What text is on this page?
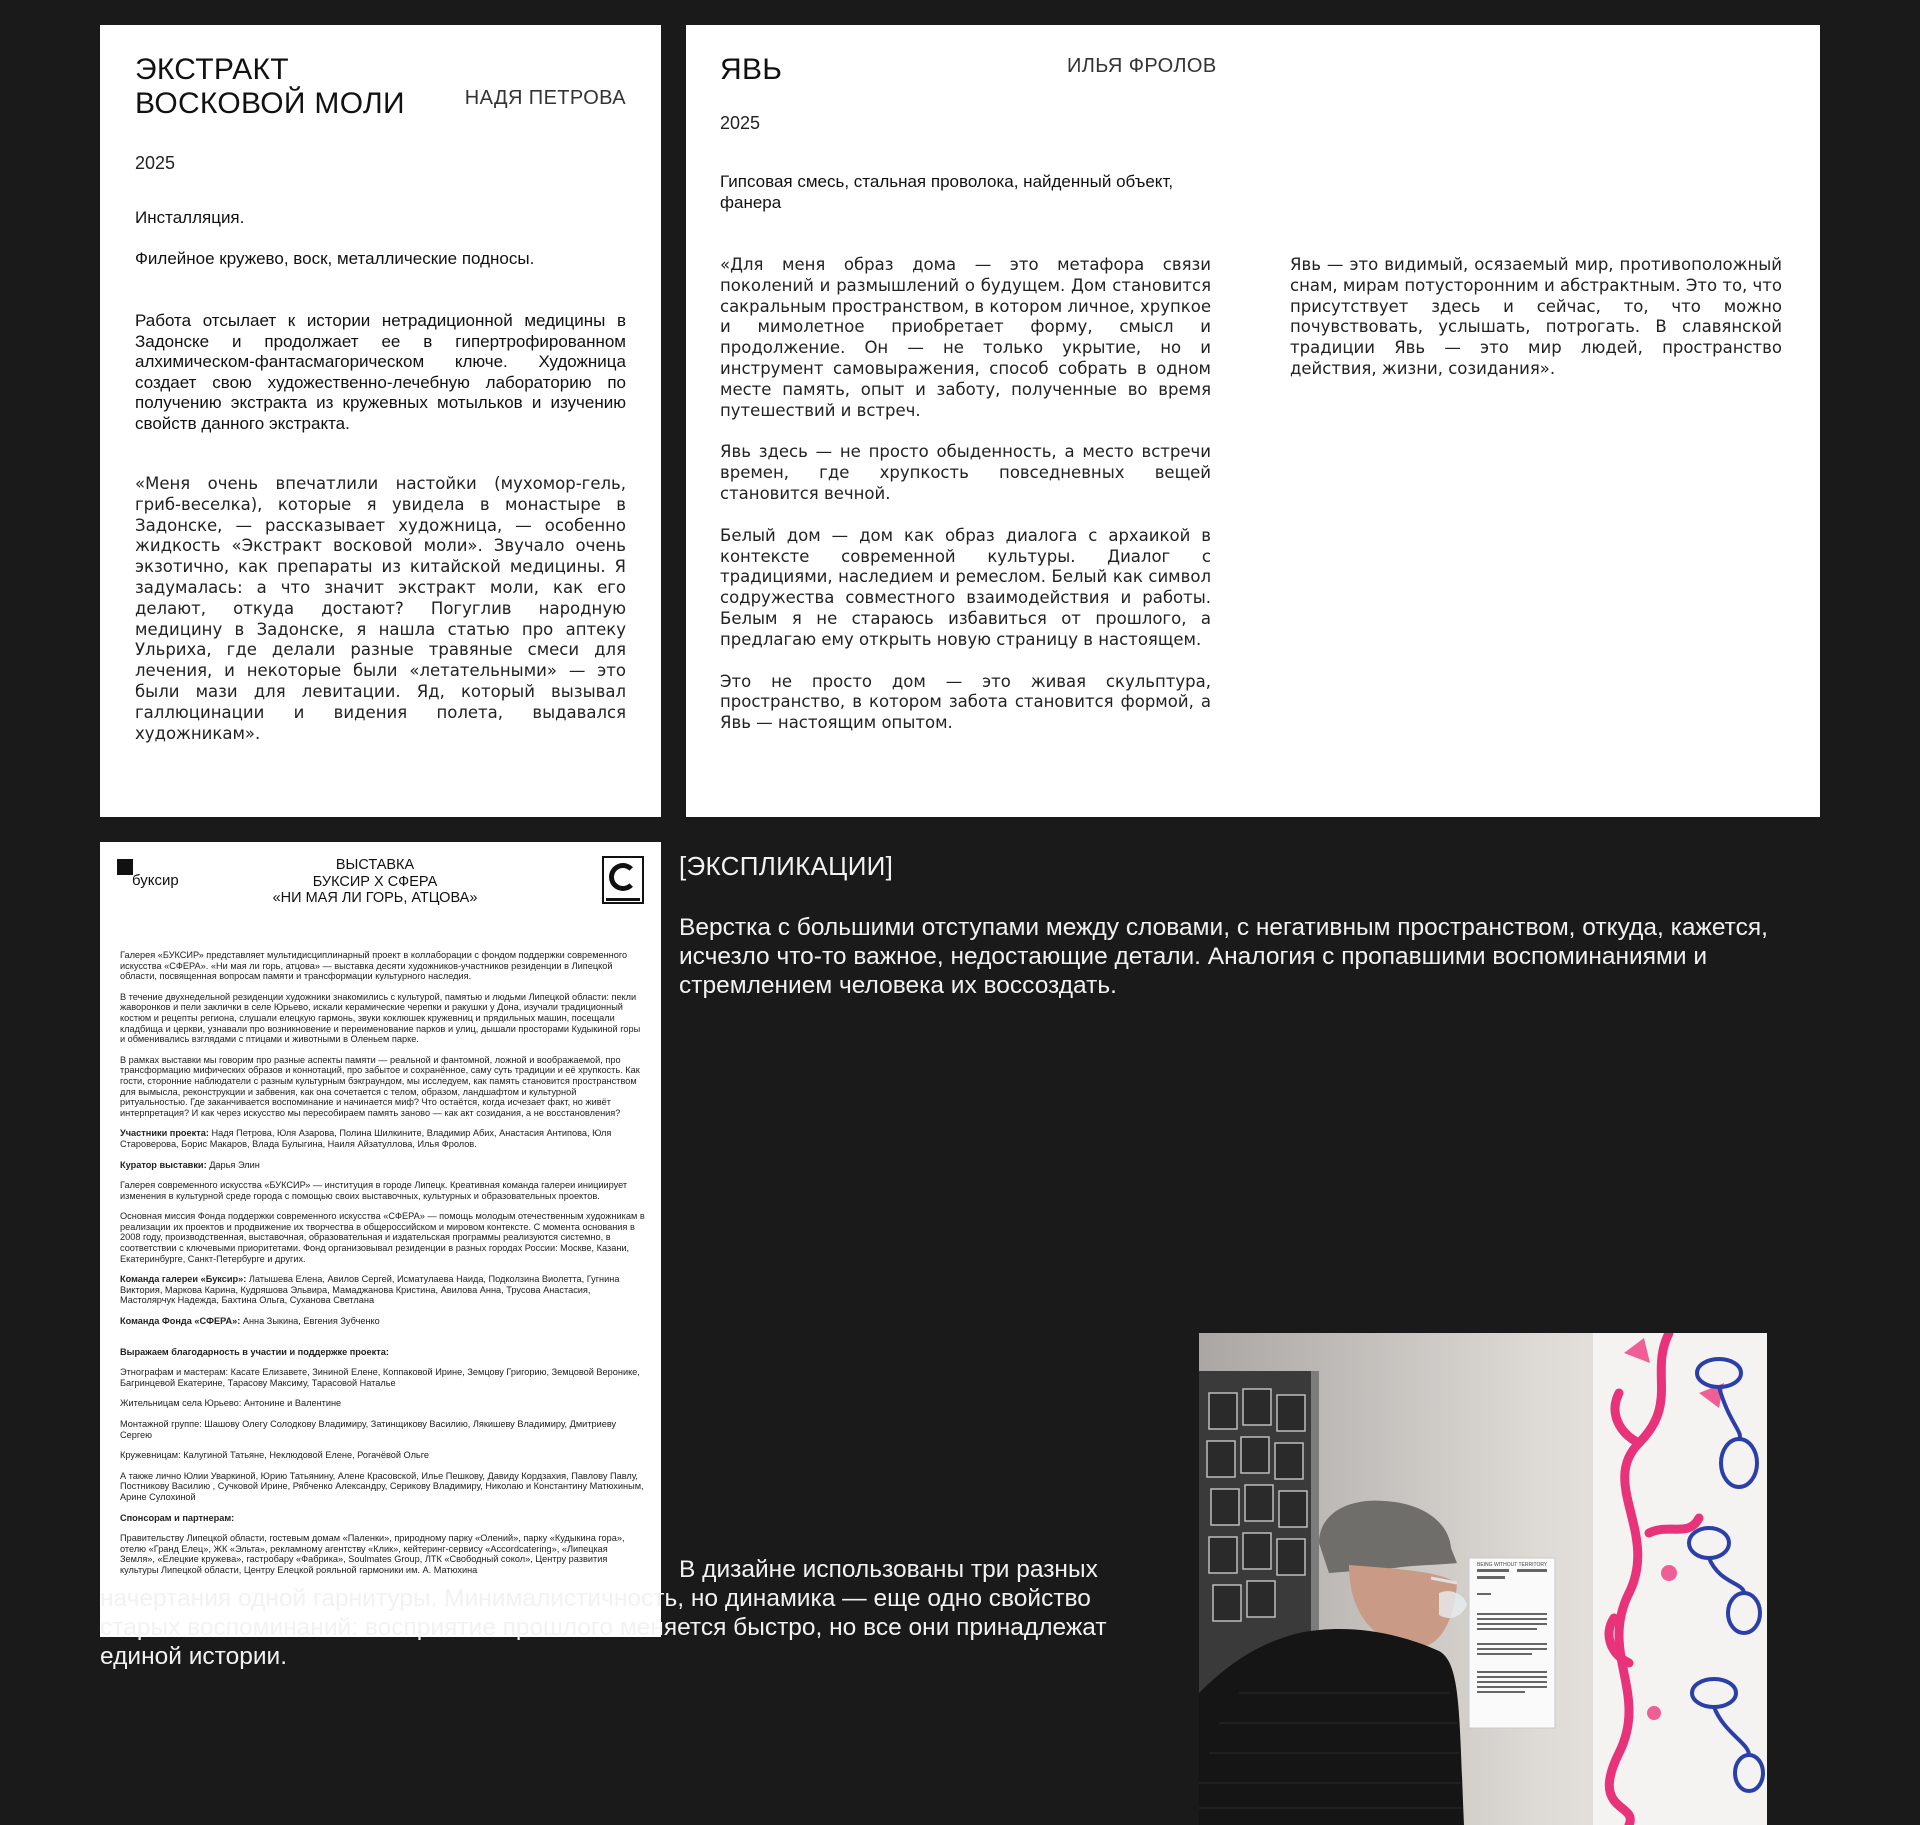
ЭКСТРАКТ
ВОСКОВОЙ МОЛИ	НАДЯ ПЕТРОВА

2025

Инсталляция.

Филейное кружево, воск, металлические подносы.

Работа отсылает к истории нетрадиционной медицины в Задонске и продолжает ее в гипертрофированном алхимическом-фантасмагорическом ключе. Художница создает свою художественно-лечебную лабораторию по получению экстракта из кружевных мотыльков и изучению свойств данного экстракта.

«Меня очень впечатлили настойки (мухомор-гель, гриб-веселка), которые я увидела в монастыре в Задонске, — рассказывает художница, — особенно жидкость «Экстракт восковой моли». Звучало очень экзотично, как препараты из китайской медицины. Я задумалась: а что значит экстракт моли, как его делают, откуда достают? Погуглив народную медицину в Задонске, я нашла статью про аптеку Ульриха, где делали разные травяные смеси для лечения, и некоторые были «летательными» — это были мази для левитации. Яд, который вызывал галлюцинации и видения полета, выдавался художникам».

ЯВЬ	ИЛЬЯ ФРОЛОВ

2025

Гипсовая смесь, стальная проволока, найденный объект, фанера

«Для меня образ дома — это метафора связи поколений и размышлений о будущем. Дом становится сакральным пространством, в котором личное, хрупкое и мимолетное приобретает форму, смысл и продолжение. Он — не только укрытие, но и инструмент самовыражения, способ собрать в одном месте память, опыт и заботу, полученные во время путешествий и встреч.

Явь здесь — не просто обыденность, а место встречи времен, где хрупкость повседневных вещей становится вечной.

Белый дом — дом как образ диалога с архаикой в контексте современной культуры. Диалог с традициями, наследием и ремеслом. Белый как символ содружества совместного взаимодействия и работы. Белым я не стараюсь избавиться от прошлого, а предлагаю ему открыть новую страницу в настоящем.

Это не просто дом — это живая скульптура, пространство, в котором забота становится формой, а Явь — настоящим опытом.

Явь — это видимый, осязаемый мир, противоположный снам, мирам потусторонним и абстрактным. Это то, что присутствует здесь и сейчас, то, что можно почувствовать, услышать, потрогать. В славянской традиции Явь — это мир людей, пространство действия, жизни, созидания».

буксир
ВЫСТАВКА
БУКСИР Х СФЕРА
«НИ МАЯ ЛИ ГОРЬ, АТЦОВА»

Галерея «БУКСИР» представляет мультидисциплинарный проект в коллаборации с фондом поддержки современного искусства «СФЕРА». «Ни мая ли горь, атцова» — выставка десяти художников-участников резиденции в Липецкой области, посвященная вопросам памяти и трансформации культурного наследия.

В течение двухнедельной резиденции художники знакомились с культурой, памятью и людьми Липецкой области: пекли жаворонков и пели заклички в селе Юрьево, искали керамические черепки и ракушки у Дона, изучали традиционный костюм и рецепты региона, слушали елецкую гармонь, звуки коклюшек кружевниц и прядильных машин, посещали кладбища и церкви, узнавали про возникновение и переименование парков и улиц, дышали просторами Кудыкиной горы и обменивались взглядами с птицами и животными в Оленьем парке.

В рамках выставки мы говорим про разные аспекты памяти — реальной и фантомной, ложной и воображаемой, про трансформацию мифических образов и коннотаций, про забытое и сохранённое, саму суть традиции и её хрупкость. Как гости, сторонние наблюдатели с разным культурным бэкграундом, мы исследуем, как память становится пространством для вымысла, реконструкции и забвения, как она сочетается с телом, образом, ландшафтом и культурной ритуальностью. Где заканчивается воспоминание и начинается миф? Что остаётся, когда исчезает факт, но живёт интерпретация? И как через искусство мы пересобираем память заново — как акт созидания, а не восстановления?

Участники проекта: Надя Петрова, Юля Азарова, Полина Шилкините, Владимир Абих, Анастасия Антипова, Юля Староверова, Борис Макаров, Влада Булыгина, Наиля Айзатуллова, Илья Фролов.

Куратор выставки: Дарья Элин

Галерея современного искусства «БУКСИР» — институция в городе Липецк. Креативная команда галереи инициирует изменения в культурной среде города с помощью своих выставочных, культурных и образовательных проектов.

Основная миссия Фонда поддержки современного искусства «СФЕРА» — помощь молодым отечественным художникам в реализации их проектов и продвижение их творчества в общероссийском и мировом контексте. С момента основания в 2008 году, производственная, выставочная, образовательная и издательская программы реализуются системно, в соответствии с ключевыми приоритетами. Фонд организовывал резиденции в разных городах России: Москве, Казани, Екатеринбурге, Санкт-Петербурге и других.

Команда галереи «Буксир»: Латышева Елена, Авилов Сергей, Исматулаева Наида, Подколзина Виолетта, Гугнина Виктория, Маркова Карина, Кудряшова Эльвира, Мамаджанова Кристина, Авилова Анна, Трусова Анастасия, Мастолярчук Надежда, Бахтина Ольга, Суханова Светлана

Команда Фонда «СФЕРА»: Анна Зыкина, Евгения Зубченко

Выражаем благодарность в участии и поддержке проекта:

Этнографам и мастерам: Касате Елизавете, Зининой Елене, Коппаковой Ирине, Земцову Григорию, Земцовой Вероникe, Багринцевой Екатерине, Тарасову Максиму, Тарасовой Наталье

Жительницам села Юрьево: Антонине и Валентине

Монтажной группе: Шашову Олегу Солодкову Владимиру, Затинщикову Василию, Лякишеву Владимиру, Дмитриеву Сергею

Кружевницам: Калугиной Татьяне, Неклюдовой Елене, Рогачёвой Ольге

А также лично Юлии Уваркиной, Юрию Татьянину, Алене Красовской, Илье Пешкову, Давиду Кордзахия, Павлову Павлу, Постникову Василию , Сучковой Ирине, Рябченко Александру, Серикову Владимиру, Николаю и Константину Матюхиным, Арине Сулохиной

Спонсорам и партнерам:

Правительству Липецкой области, гостевым домам «Паленки», природному парку «Олений», парку «Кудыкина гора», отелю «Гранд Елец», ЖК «Эльта», рекламному агентству «Клик», кейтеринг-сервису «Accordcatering», «Липецкая Земля», «Елецкие кружева», гастробару «Фабрика», Soulmates Group, ЛТК «Свободный сокол», Центру развития культуры Липецкой области, Центру Елецкой рояльной гармоники им. А. Матюхина

[ЭКСПЛИКАЦИИ]

Верстка с большими отступами между словами, с негативным пространством, откуда, кажется, исчезло что-то важное, недостающие детали. Аналогия с пропавшими воспоминаниями и стремлением человека их воссоздать.

В дизайне использованы три разных начертания одной гарнитуры. Минималистичность, но динамика — еще одно свойство старых воспоминаний: восприятие прошлого меняется быстро, но все они принадлежат единой истории.

BEING WITHOUT TERRITORY
